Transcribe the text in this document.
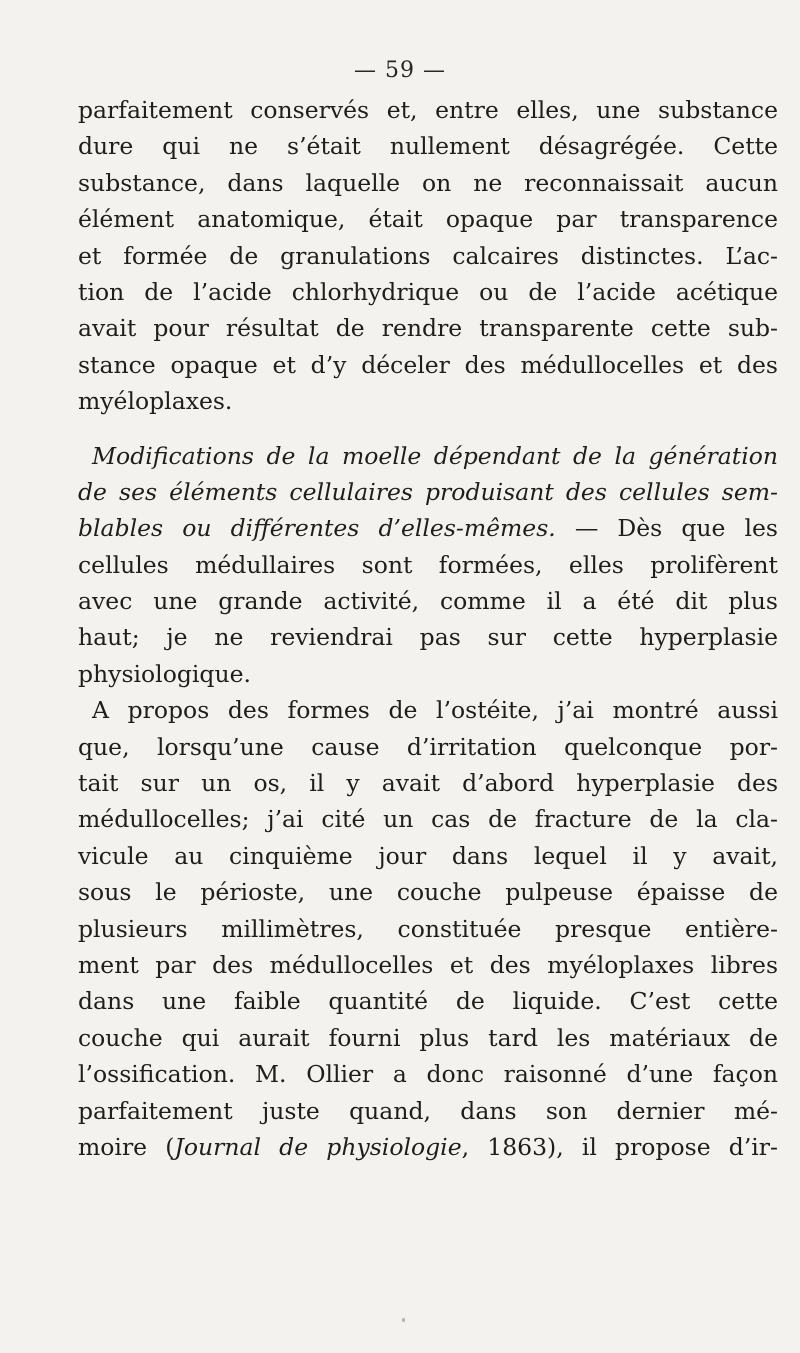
— 59 —
parfaitement conservés et, entre elles, une substance
dure qui ne s’était nullement désagrégée. Cette
substance, dans laquelle on ne reconnaissait aucun
élément anatomique, était opaque par transparence
et formée de granulations calcaires distinctes. L’ac-
tion de l’acide chlorhydrique ou de l’acide acétique
avait pour résultat de rendre transparente cette sub-
stance opaque et d’y déceler des médullocelles et des
myéloplaxes.
Modifications de la moelle dépendant de la génération
de ses éléments cellulaires produisant des cellules sem-
blables ou différentes d’elles-mêmes. — Dès que les
cellules médullaires sont formées, elles prolifèrent
avec une grande activité, comme il a été dit plus
haut; je ne reviendrai pas sur cette hyperplasie
physiologique.
A propos des formes de l’ostéite, j’ai montré aussi
que, lorsqu’une cause d’irritation quelconque por-
tait sur un os, il y avait d’abord hyperplasie des
médullocelles; j’ai cité un cas de fracture de la cla-
vicule au cinquième jour dans lequel il y avait,
sous le périoste, une couche pulpeuse épaisse de
plusieurs millimètres, constituée presque entière-
ment par des médullocelles et des myéloplaxes libres
dans une faible quantité de liquide. C’est cette
couche qui aurait fourni plus tard les matériaux de
l’ossification. M. Ollier a donc raisonné d’une façon
parfaitement juste quand, dans son dernier mé-
moire (Journal de physiologie, 1863), il propose d’ir-
